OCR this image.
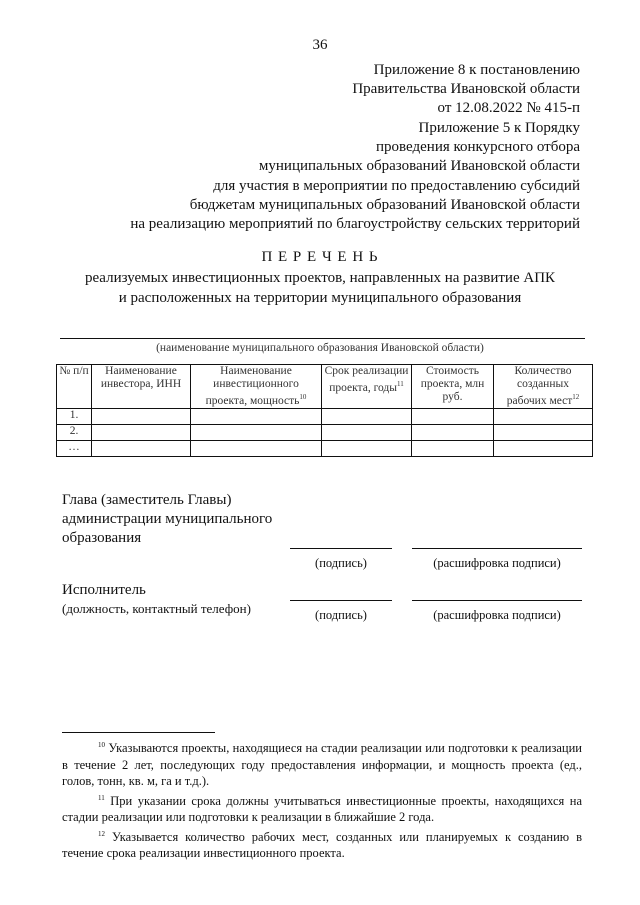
36
Приложение 8 к постановлению
Правительства Ивановской области
от 12.08.2022 № 415-п
Приложение 5 к Порядку
проведения конкурсного отбора
муниципальных образований Ивановской области
для участия в мероприятии по предоставлению субсидий
бюджетам муниципальных образований Ивановской области
на реализацию мероприятий по благоустройству сельских территорий
П Е Р Е Ч Е Н Ь
реализуемых инвестиционных проектов, направленных на развитие АПК
и расположенных на территории муниципального образования
(наименование муниципального образования Ивановской области)
№ п/п	Наименование инвестора, ИНН	Наименование инвестиционного проекта, мощность$^{10}$	Срок реализации проекта, годы$^{11}$	Стоимость проекта, млн руб.	Количество созданных рабочих мест$^{12}$
1.					
2.					
…					
Глава (заместитель Главы)
администрации муниципального
образования
(подпись)	(расшифровка подписи)
Исполнитель
(должность, контактный телефон)	(подпись)	(расшифровка подписи)

$^{10}$ Указываются проекты, находящиеся на стадии реализации или подготовки к реализации в течение 2 лет, последующих году предоставления информации, и мощность проекта (ед., голов, тонн, кв. м, га и т.д.).

$^{11}$ При указании срока должны учитываться инвестиционные проекты, находящихся на стадии реализации или подготовки к реализации в ближайшие 2 года.

$^{12}$ Указывается количество рабочих мест, созданных или планируемых к созданию в течение срока реализации инвестиционного проекта.
